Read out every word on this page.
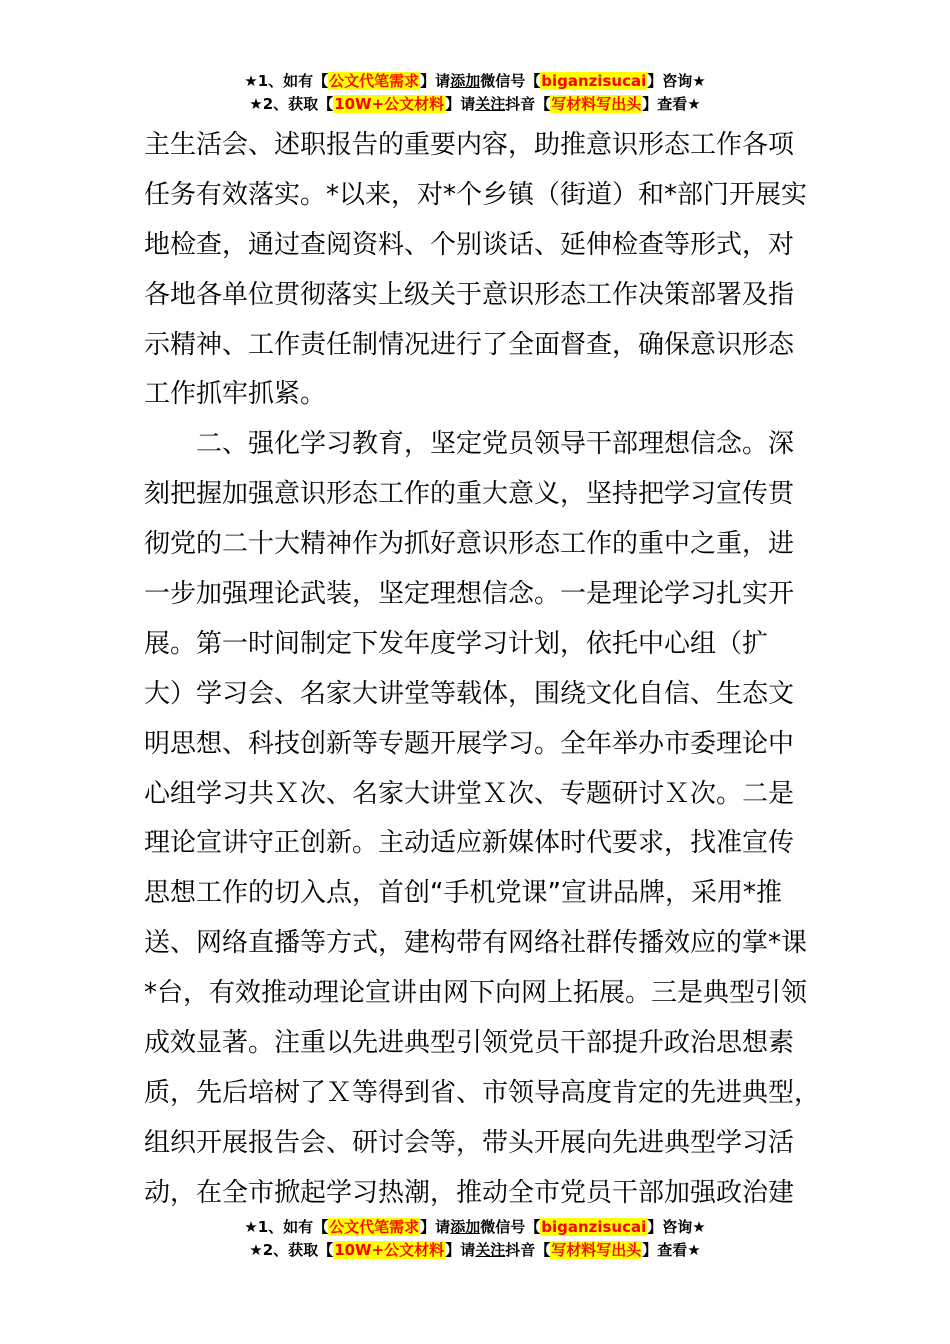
★1、如有【公文代笔需求】请添加微信号【biganzisucai】咨询★
★2、获取【10W+公文材料】请关注抖音【写材料写出头】查看★
主生活会、述职报告的重要内容，助推意识形态工作各项
任务有效落实。*以来，对*个乡镇（街道）和*部门开展实
地检查，通过查阅资料、个别谈话、延伸检查等形式，对
各地各单位贯彻落实上级关于意识形态工作决策部署及指
示精神、工作责任制情况进行了全面督查，确保意识形态
工作抓牢抓紧。
　　二、强化学习教育，坚定党员领导干部理想信念。深
刻把握加强意识形态工作的重大意义，坚持把学习宣传贯
彻党的二十大精神作为抓好意识形态工作的重中之重，进
一步加强理论武装，坚定理想信念。一是理论学习扎实开
展。第一时间制定下发年度学习计划，依托中心组（扩
大）学习会、名家大讲堂等载体，围绕文化自信、生态文
明思想、科技创新等专题开展学习。全年举办市委理论中
心组学习共Ｘ次、名家大讲堂Ｘ次、专题研讨Ｘ次。二是
理论宣讲守正创新。主动适应新媒体时代要求，找准宣传
思想工作的切入点，首创“手机党课”宣讲品牌，采用*推
送、网络直播等方式，建构带有网络社群传播效应的掌*课
*台，有效推动理论宣讲由网下向网上拓展。三是典型引领
成效显著。注重以先进典型引领党员干部提升政治思想素
质，先后培树了Ｘ等得到省、市领导高度肯定的先进典型，
组织开展报告会、研讨会等，带头开展向先进典型学习活
动，在全市掀起学习热潮，推动全市党员干部加强政治建
★1、如有【公文代笔需求】请添加微信号【biganzisucai】咨询★
★2、获取【10W+公文材料】请关注抖音【写材料写出头】查看★
